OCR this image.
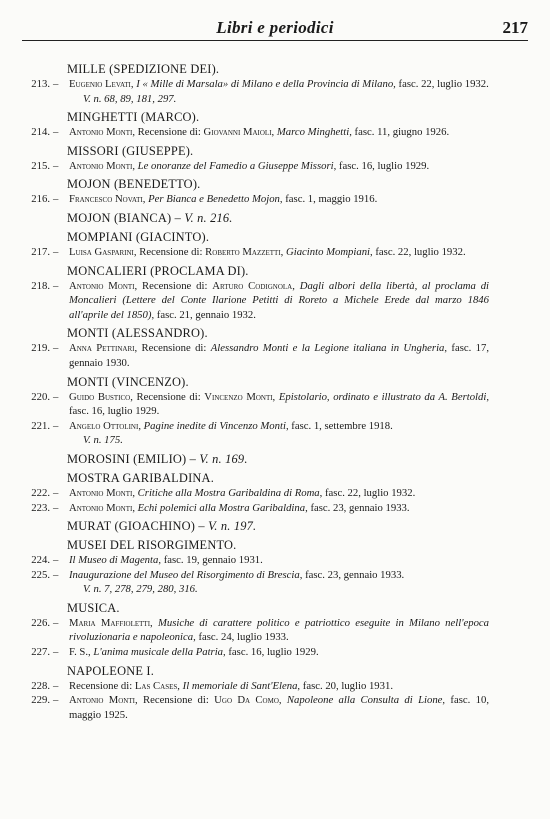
Libri e periodici	217
MILLE (SPEDIZIONE DEI).
213. – Eugenio Levati, I « Mille di Marsala» di Milano e della Provincia di Milano, fasc. 22, luglio 1932.
V. n. 68, 89, 181, 297.
MINGHETTI (MARCO).
214. – Antonio Monti, Recensione di: Giovanni Maioli, Marco Minghetti, fasc. 11, giugno 1926.
MISSORI (GIUSEPPE).
215. – Antonio Monti, Le onoranze del Famedio a Giuseppe Missori, fasc. 16, luglio 1929.
MOJON (BENEDETTO).
216. – Francesco Novati, Per Bianca e Benedetto Mojon, fasc. 1, maggio 1916.
MOJON (BIANCA) – V. n. 216.
MOMPIANI (GIACINTO).
217. – Luisa Gasparini, Recensione di: Roberto Mazzetti, Giacinto Mompiani, fasc. 22, luglio 1932.
MONCALIERI (PROCLAMA DI).
218. – Antonio Monti, Recensione di: Arturo Codignola, Dagli albori della libertà, al proclama di Moncalieri (Lettere del Conte Ilarione Petitti di Roreto a Michele Erede dal marzo 1846 all'aprile del 1850), fasc. 21, gennaio 1932.
MONTI (ALESSANDRO).
219. – Anna Pettinari, Recensione di: Alessandro Monti e la Legione italiana in Ungheria, fasc. 17, gennaio 1930.
MONTI (VINCENZO).
220. – Guido Bustico, Recensione di: Vincenzo Monti, Epistolario, ordinato e illustrato da A. Bertoldi, fasc. 16, luglio 1929.
221. – Angelo Ottolini, Pagine inedite di Vincenzo Monti, fasc. 1, settembre 1918.
V. n. 175.
MOROSINI (EMILIO) – V. n. 169.
MOSTRA GARIBALDINA.
222. – Antonio Monti, Critiche alla Mostra Garibaldina di Roma, fasc. 22, luglio 1932.
223. – Antonio Monti, Echi polemici alla Mostra Garibaldina, fasc. 23, gennaio 1933.
MURAT (GIOACHINO) – V. n. 197.
MUSEI DEL RISORGIMENTO.
224. – Il Museo di Magenta, fasc. 19, gennaio 1931.
225. – Inaugurazione del Museo del Risorgimento di Brescia, fasc. 23, gennaio 1933.
V. n. 7, 278, 279, 280, 316.
MUSICA.
226. – Maria Maffioletti, Musiche di carattere politico e patriottico eseguite in Milano nell'epoca rivoluzionaria e napoleonica, fasc. 24, luglio 1933.
227. – F. S., L'anima musicale della Patria, fasc. 16, luglio 1929.
NAPOLEONE I.
228. – Recensione di: Las Cases, Il memoriale di Sant'Elena, fasc. 20, luglio 1931.
229. – Antonio Monti, Recensione di: Ugo Da Como, Napoleone alla Consulta di Lione, fasc. 10, maggio 1925.
